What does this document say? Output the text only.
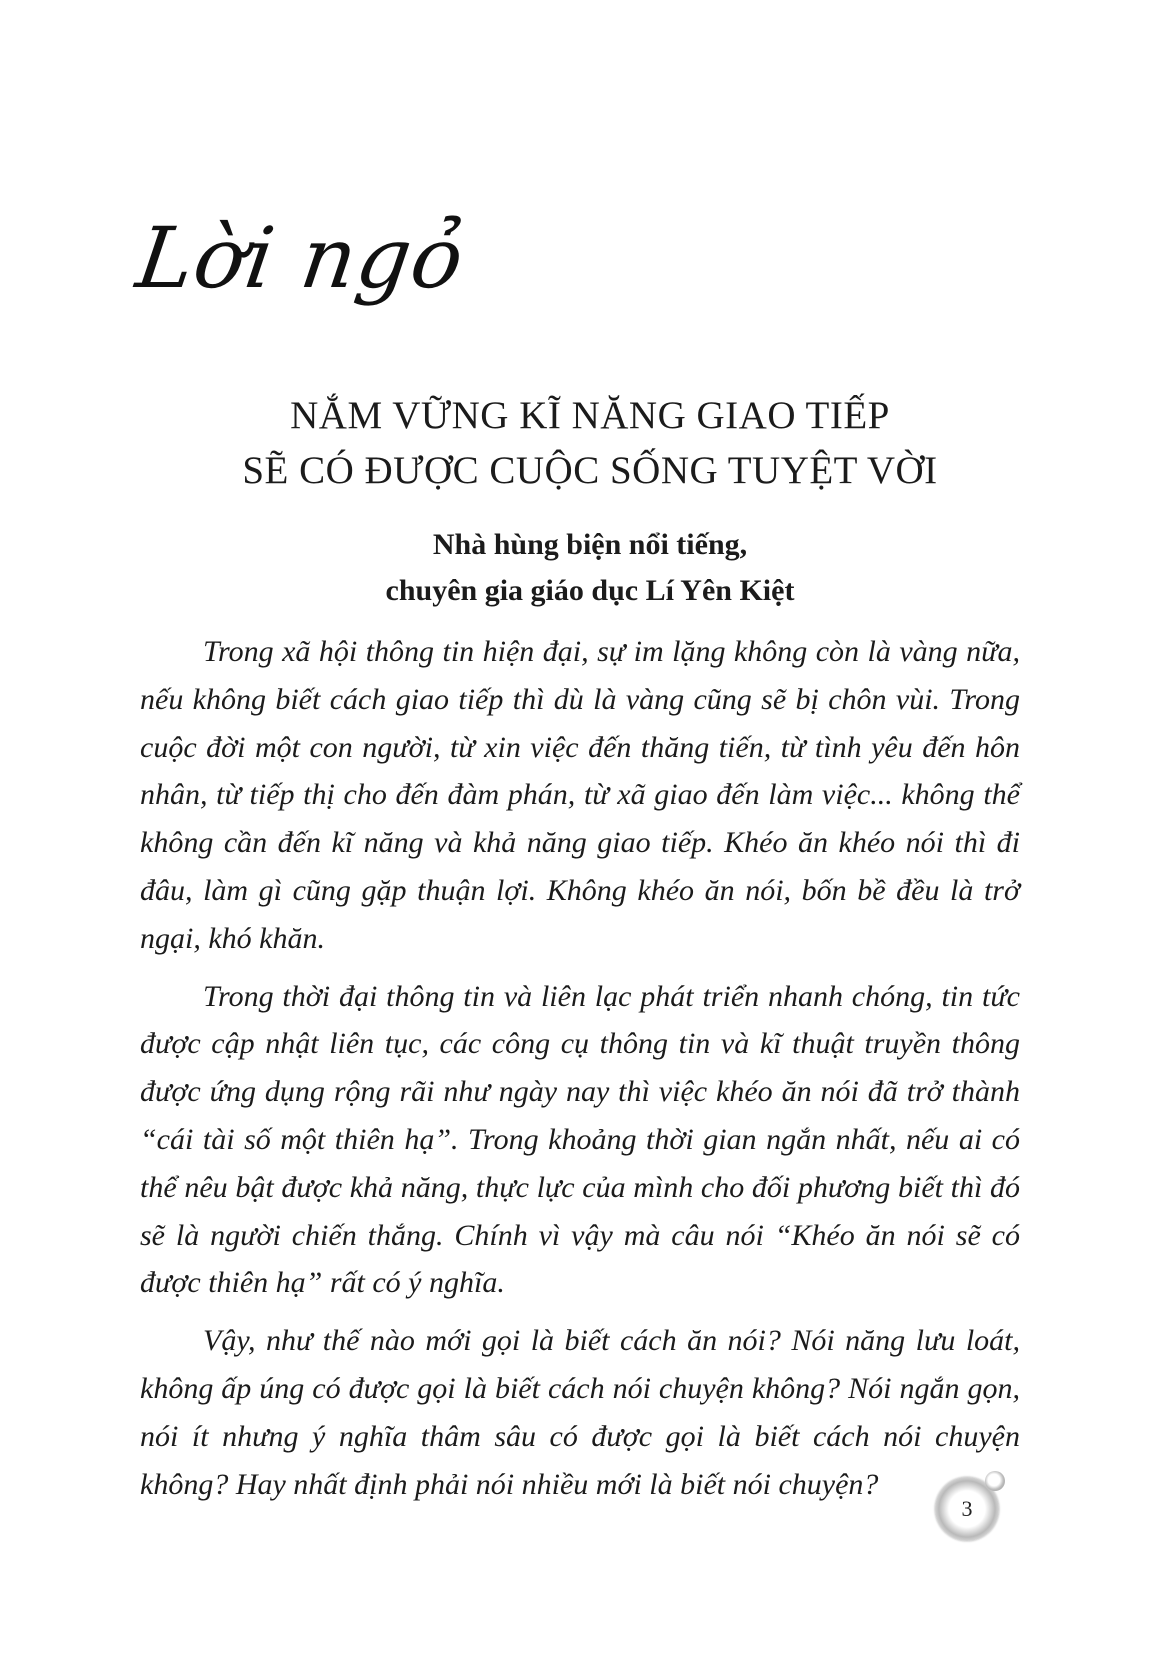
Lời ngỏ
NẮM VỮNG KĨ NĂNG GIAO TIẾP
SẼ CÓ ĐƯỢC CUỘC SỐNG TUYỆT VỜI
Nhà hùng biện nổi tiếng,
chuyên gia giáo dục Lí Yên Kiệt

Trong xã hội thông tin hiện đại, sự im lặng không còn là vàng nữa, nếu không biết cách giao tiếp thì dù là vàng cũng sẽ bị chôn vùi. Trong cuộc đời một con người, từ xin việc đến thăng tiến, từ tình yêu đến hôn nhân, từ tiếp thị cho đến đàm phán, từ xã giao đến làm việc... không thể không cần đến kĩ năng và khả năng giao tiếp. Khéo ăn khéo nói thì đi đâu, làm gì cũng gặp thuận lợi. Không khéo ăn nói, bốn bề đều là trở ngại, khó khăn.

Trong thời đại thông tin và liên lạc phát triển nhanh chóng, tin tức được cập nhật liên tục, các công cụ thông tin và kĩ thuật truyền thông được ứng dụng rộng rãi như ngày nay thì việc khéo ăn nói đã trở thành “cái tài số một thiên hạ”. Trong khoảng thời gian ngắn nhất, nếu ai có thể nêu bật được khả năng, thực lực của mình cho đối phương biết thì đó sẽ là người chiến thắng. Chính vì vậy mà câu nói “Khéo ăn nói sẽ có được thiên hạ” rất có ý nghĩa.

Vậy, như thế nào mới gọi là biết cách ăn nói? Nói năng lưu loát, không ấp úng có được gọi là biết cách nói chuyện không? Nói ngắn gọn, nói ít nhưng ý nghĩa thâm sâu có được gọi là biết cách nói chuyện không? Hay nhất định phải nói nhiều mới là biết nói chuyện?

3
